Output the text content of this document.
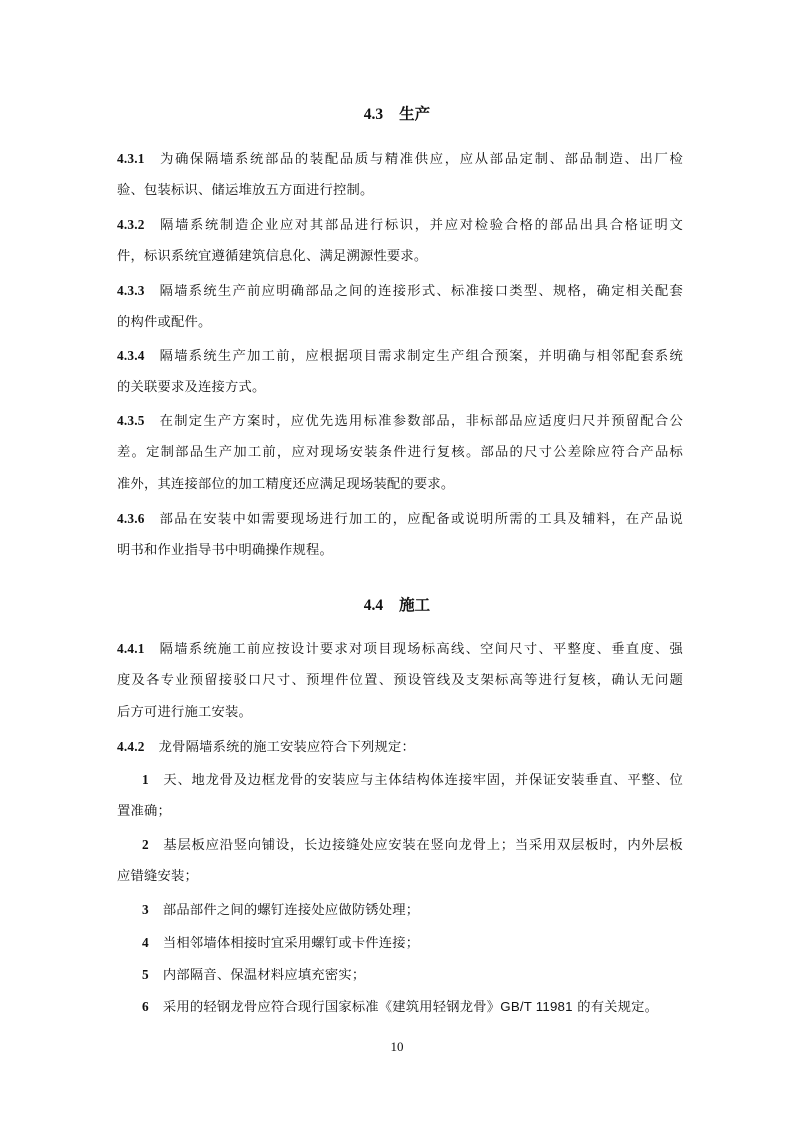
4.3 生产
4.3.1 为确保隔墙系统部品的装配品质与精准供应，应从部品定制、部品制造、出厂检
验、包装标识、储运堆放五方面进行控制。
4.3.2 隔墙系统制造企业应对其部品进行标识，并应对检验合格的部品出具合格证明文
件，标识系统宜遵循建筑信息化、满足溯源性要求。
4.3.3 隔墙系统生产前应明确部品之间的连接形式、标准接口类型、规格，确定相关配套
的构件或配件。
4.3.4 隔墙系统生产加工前，应根据项目需求制定生产组合预案，并明确与相邻配套系统
的关联要求及连接方式。
4.3.5 在制定生产方案时，应优先选用标准参数部品，非标部品应适度归尺并预留配合公
差。定制部品生产加工前，应对现场安装条件进行复核。部品的尺寸公差除应符合产品标
准外，其连接部位的加工精度还应满足现场装配的要求。
4.3.6 部品在安装中如需要现场进行加工的，应配备或说明所需的工具及辅料，在产品说
明书和作业指导书中明确操作规程。
4.4 施工
4.4.1 隔墙系统施工前应按设计要求对项目现场标高线、空间尺寸、平整度、垂直度、强
度及各专业预留接驳口尺寸、预埋件位置、预设管线及支架标高等进行复核，确认无问题
后方可进行施工安装。
4.4.2 龙骨隔墙系统的施工安装应符合下列规定：
1 天、地龙骨及边框龙骨的安装应与主体结构体连接牢固，并保证安装垂直、平整、位
置准确；
2 基层板应沿竖向铺设，长边接缝处应安装在竖向龙骨上；当采用双层板时，内外层板
应错缝安装；
3 部品部件之间的螺钉连接处应做防锈处理；
4 当相邻墙体相接时宜采用螺钉或卡件连接；
5 内部隔音、保温材料应填充密实；
6 采用的轻钢龙骨应符合现行国家标准《建筑用轻钢龙骨》GB/T 11981 的有关规定。
10
